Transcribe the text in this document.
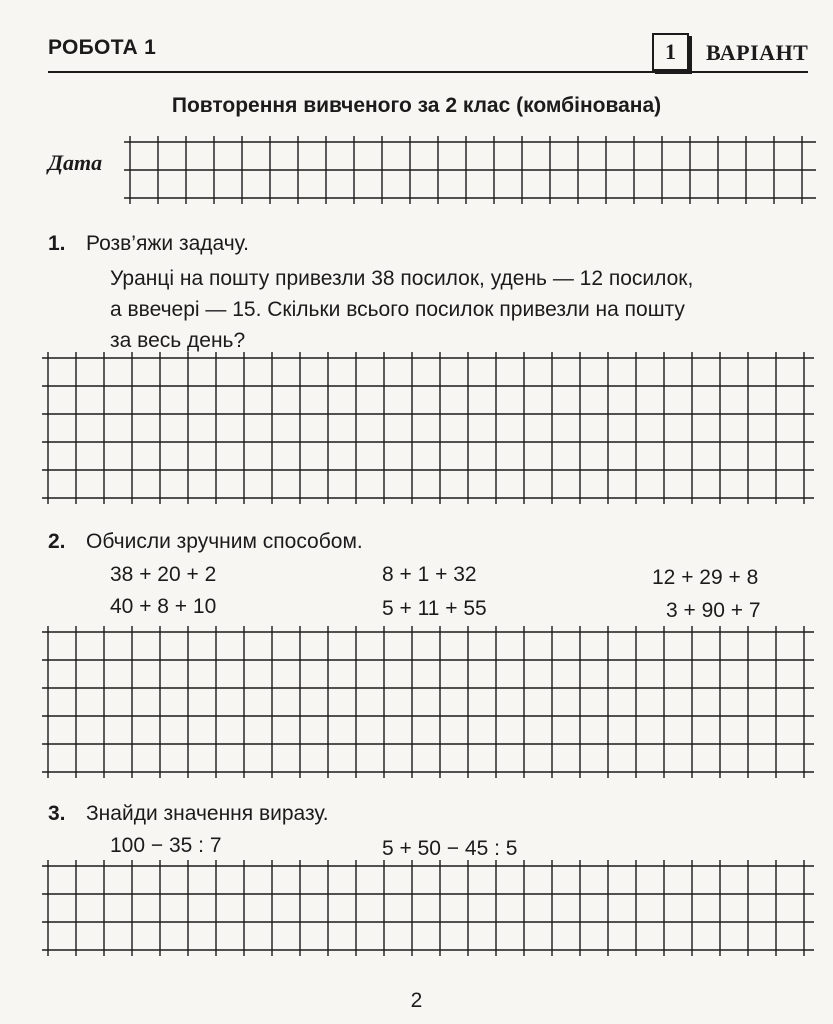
РОБОТА 1	1	ВАРІАНТ
Повторення вивченого за 2 клас (комбінована)
Дата
1. Розв’яжи задачу.
Уранці на пошту привезли 38 посилок, удень — 12 посилок,
а ввечері — 15. Скільки всього посилок привезли на пошту
за весь день?
2. Обчисли зручним способом.
38 + 20 + 2	8 + 1 + 32	12 + 29 + 8
40 + 8 + 10	5 + 11 + 55	3 + 90 + 7
3. Знайди значення виразу.
100 − 35 : 7	5 + 50 − 45 : 5
2
